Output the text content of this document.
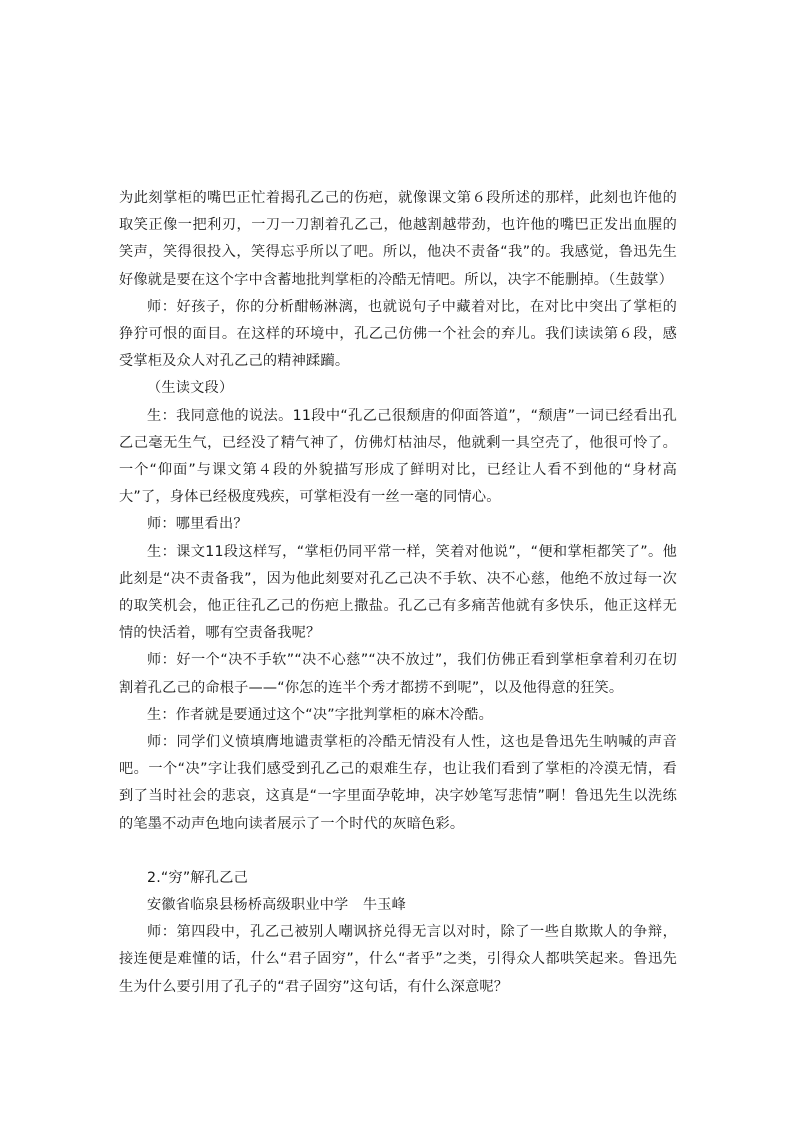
为此刻掌柜的嘴巴正忙着揭孔乙己的伤疤，就像课文第６段所述的那样，此刻也许他的取笑正像一把利刃，一刀一刀割着孔乙己，他越割越带劲，也许他的嘴巴正发出血腥的笑声，笑得很投入，笑得忘乎所以了吧。所以，他决不责备“我”的。我感觉，鲁迅先生好像就是要在这个字中含蓄地批判掌柜的冷酷无情吧。所以，决字不能删掉。（生鼓掌）

师：好孩子，你的分析酣畅淋漓，也就说句子中藏着对比，在对比中突出了掌柜的狰狞可恨的面目。在这样的环境中，孔乙己仿佛一个社会的弃儿。我们读读第６段，感受掌柜及众人对孔乙己的精神蹂躏。

（生读文段）

生：我同意他的说法。11段中“孔乙己很颓唐的仰面答道”，“颓唐”一词已经看出孔乙己毫无生气，已经没了精气神了，仿佛灯枯油尽，他就剩一具空壳了，他很可怜了。一个“仰面”与课文第４段的外貌描写形成了鲜明对比，已经让人看不到他的“身材高大”了，身体已经极度残疾，可掌柜没有一丝一毫的同情心。

师：哪里看出？

生：课文11段这样写，“掌柜仍同平常一样，笑着对他说”，“便和掌柜都笑了”。他此刻是“决不责备我”，因为他此刻要对孔乙己决不手软、决不心慈，他绝不放过每一次的取笑机会，他正往孔乙己的伤疤上撒盐。孔乙己有多痛苦他就有多快乐，他正这样无情的快活着，哪有空责备我呢？

师：好一个“决不手软”“决不心慈”“决不放过”，我们仿佛正看到掌柜拿着利刃在切割着孔乙己的命根子——“你怎的连半个秀才都捞不到呢”，以及他得意的狂笑。

生：作者就是要通过这个“决”字批判掌柜的麻木冷酷。

师：同学们义愤填膺地谴责掌柜的冷酷无情没有人性，这也是鲁迅先生呐喊的声音吧。一个“决”字让我们感受到孔乙己的艰难生存，也让我们看到了掌柜的冷漠无情，看到了当时社会的悲哀，这真是“一字里面孕乾坤，决字妙笔写悲情”啊！鲁迅先生以洗练的笔墨不动声色地向读者展示了一个时代的灰暗色彩。

2.“穷”解孔乙己

安徽省临泉县杨桥高级职业中学　牛玉峰

师：第四段中，孔乙己被别人嘲讽挤兑得无言以对时，除了一些自欺欺人的争辩，接连便是难懂的话，什么“君子固穷”，什么“者乎”之类，引得众人都哄笑起来。鲁迅先生为什么要引用了孔子的“君子固穷”这句话，有什么深意呢？
